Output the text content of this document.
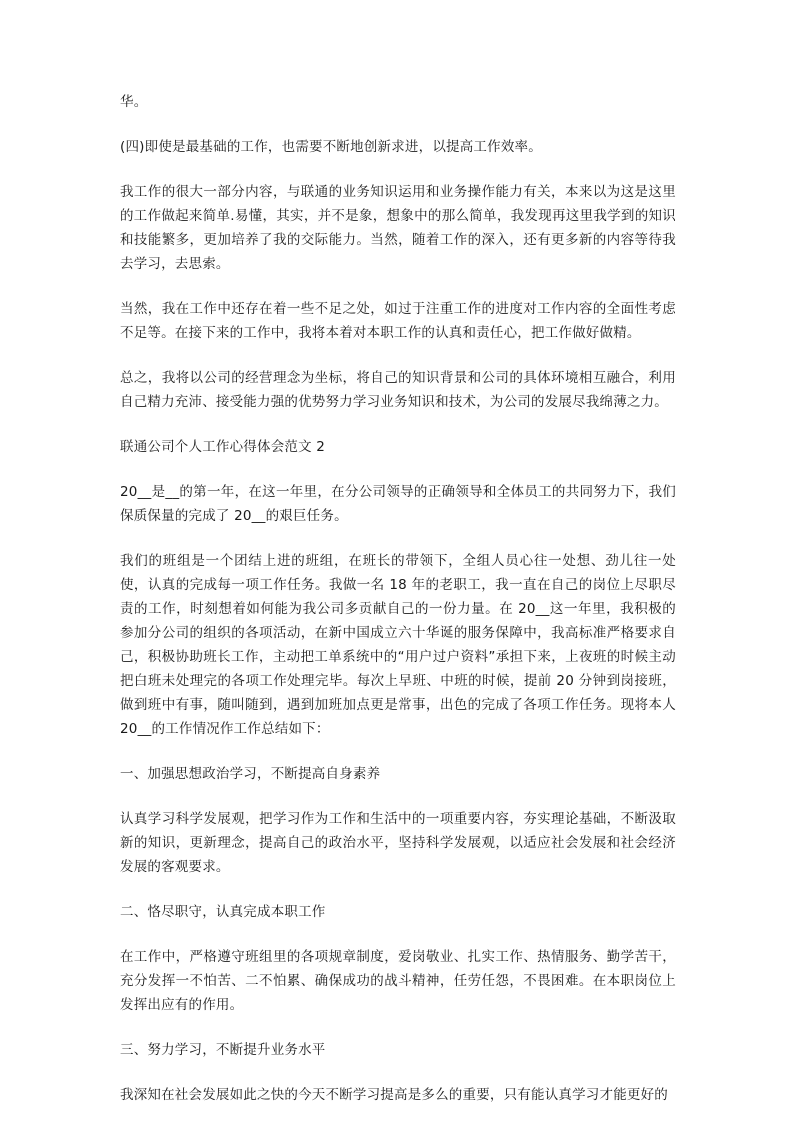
华。

(四)即使是最基础的工作，也需要不断地创新求进，以提高工作效率。

我工作的很大一部分内容，与联通的业务知识运用和业务操作能力有关，本来以为这是这里的工作做起来简单.易懂，其实，并不是象，想象中的那么简单，我发现再这里我学到的知识和技能繁多，更加培养了我的交际能力。当然，随着工作的深入，还有更多新的内容等待我去学习，去思索。

当然，我在工作中还存在着一些不足之处，如过于注重工作的进度对工作内容的全面性考虑不足等。在接下来的工作中，我将本着对本职工作的认真和责任心，把工作做好做精。

总之，我将以公司的经营理念为坐标，将自己的知识背景和公司的具体环境相互融合，利用自己精力充沛、接受能力强的优势努力学习业务知识和技术，为公司的发展尽我绵薄之力。

联通公司个人工作心得体会范文 2

20__是__的第一年，在这一年里，在分公司领导的正确领导和全体员工的共同努力下，我们保质保量的完成了 20__的艰巨任务。

我们的班组是一个团结上进的班组，在班长的带领下，全组人员心往一处想、劲儿往一处使，认真的完成每一项工作任务。我做一名 18 年的老职工，我一直在自己的岗位上尽职尽责的工作，时刻想着如何能为我公司多贡献自己的一份力量。在 20__这一年里，我积极的参加分公司的组织的各项活动，在新中国成立六十华诞的服务保障中，我高标准严格要求自己，积极协助班长工作，主动把工单系统中的“用户过户资料”承担下来，上夜班的时候主动把白班未处理完的各项工作处理完毕。每次上早班、中班的时候，提前 20 分钟到岗接班，做到班中有事，随叫随到，遇到加班加点更是常事，出色的完成了各项工作任务。现将本人 20__的工作情况作工作总结如下：

一、加强思想政治学习，不断提高自身素养

认真学习科学发展观，把学习作为工作和生活中的一项重要内容，夯实理论基础，不断汲取新的知识，更新理念，提高自己的政治水平，坚持科学发展观，以适应社会发展和社会经济发展的客观要求。

二、恪尽职守，认真完成本职工作

在工作中，严格遵守班组里的各项规章制度，爱岗敬业、扎实工作、热情服务、勤学苦干，充分发挥一不怕苦、二不怕累、确保成功的战斗精神，任劳任怨，不畏困难。在本职岗位上发挥出应有的作用。

三、努力学习，不断提升业务水平

我深知在社会发展如此之快的今天不断学习提高是多么的重要，只有能认真学习才能更好的
